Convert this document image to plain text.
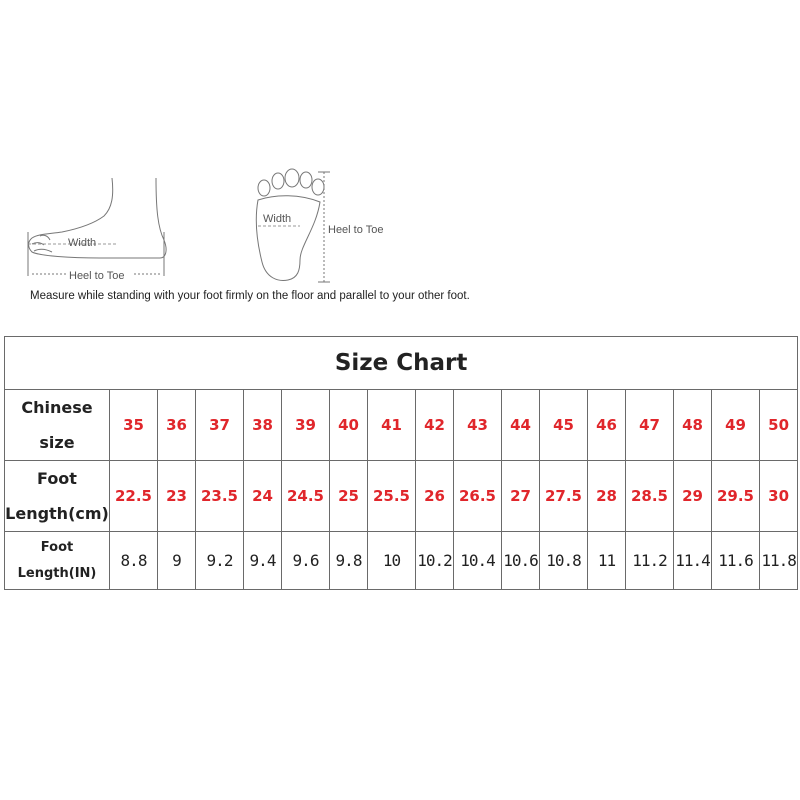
Width
Heel to Toe
Width
Heel to Toe
Measure while standing with your foot firmly on the floor and parallel to your other foot.
Size Chart																

Chinese
size	35	36	37	38	39	40	41	42	43	44	45	46	47	48	49	50

Foot
Length(cm)	22.5	23	23.5	24	24.5	25	25.5	26	26.5	27	27.5	28	28.5	29	29.5	30

Foot
Length(IN)	8.8	9	9.2	9.4	9.6	9.8	10	10.2	10.4	10.6	10.8	11	11.2	11.4	11.6	11.8
